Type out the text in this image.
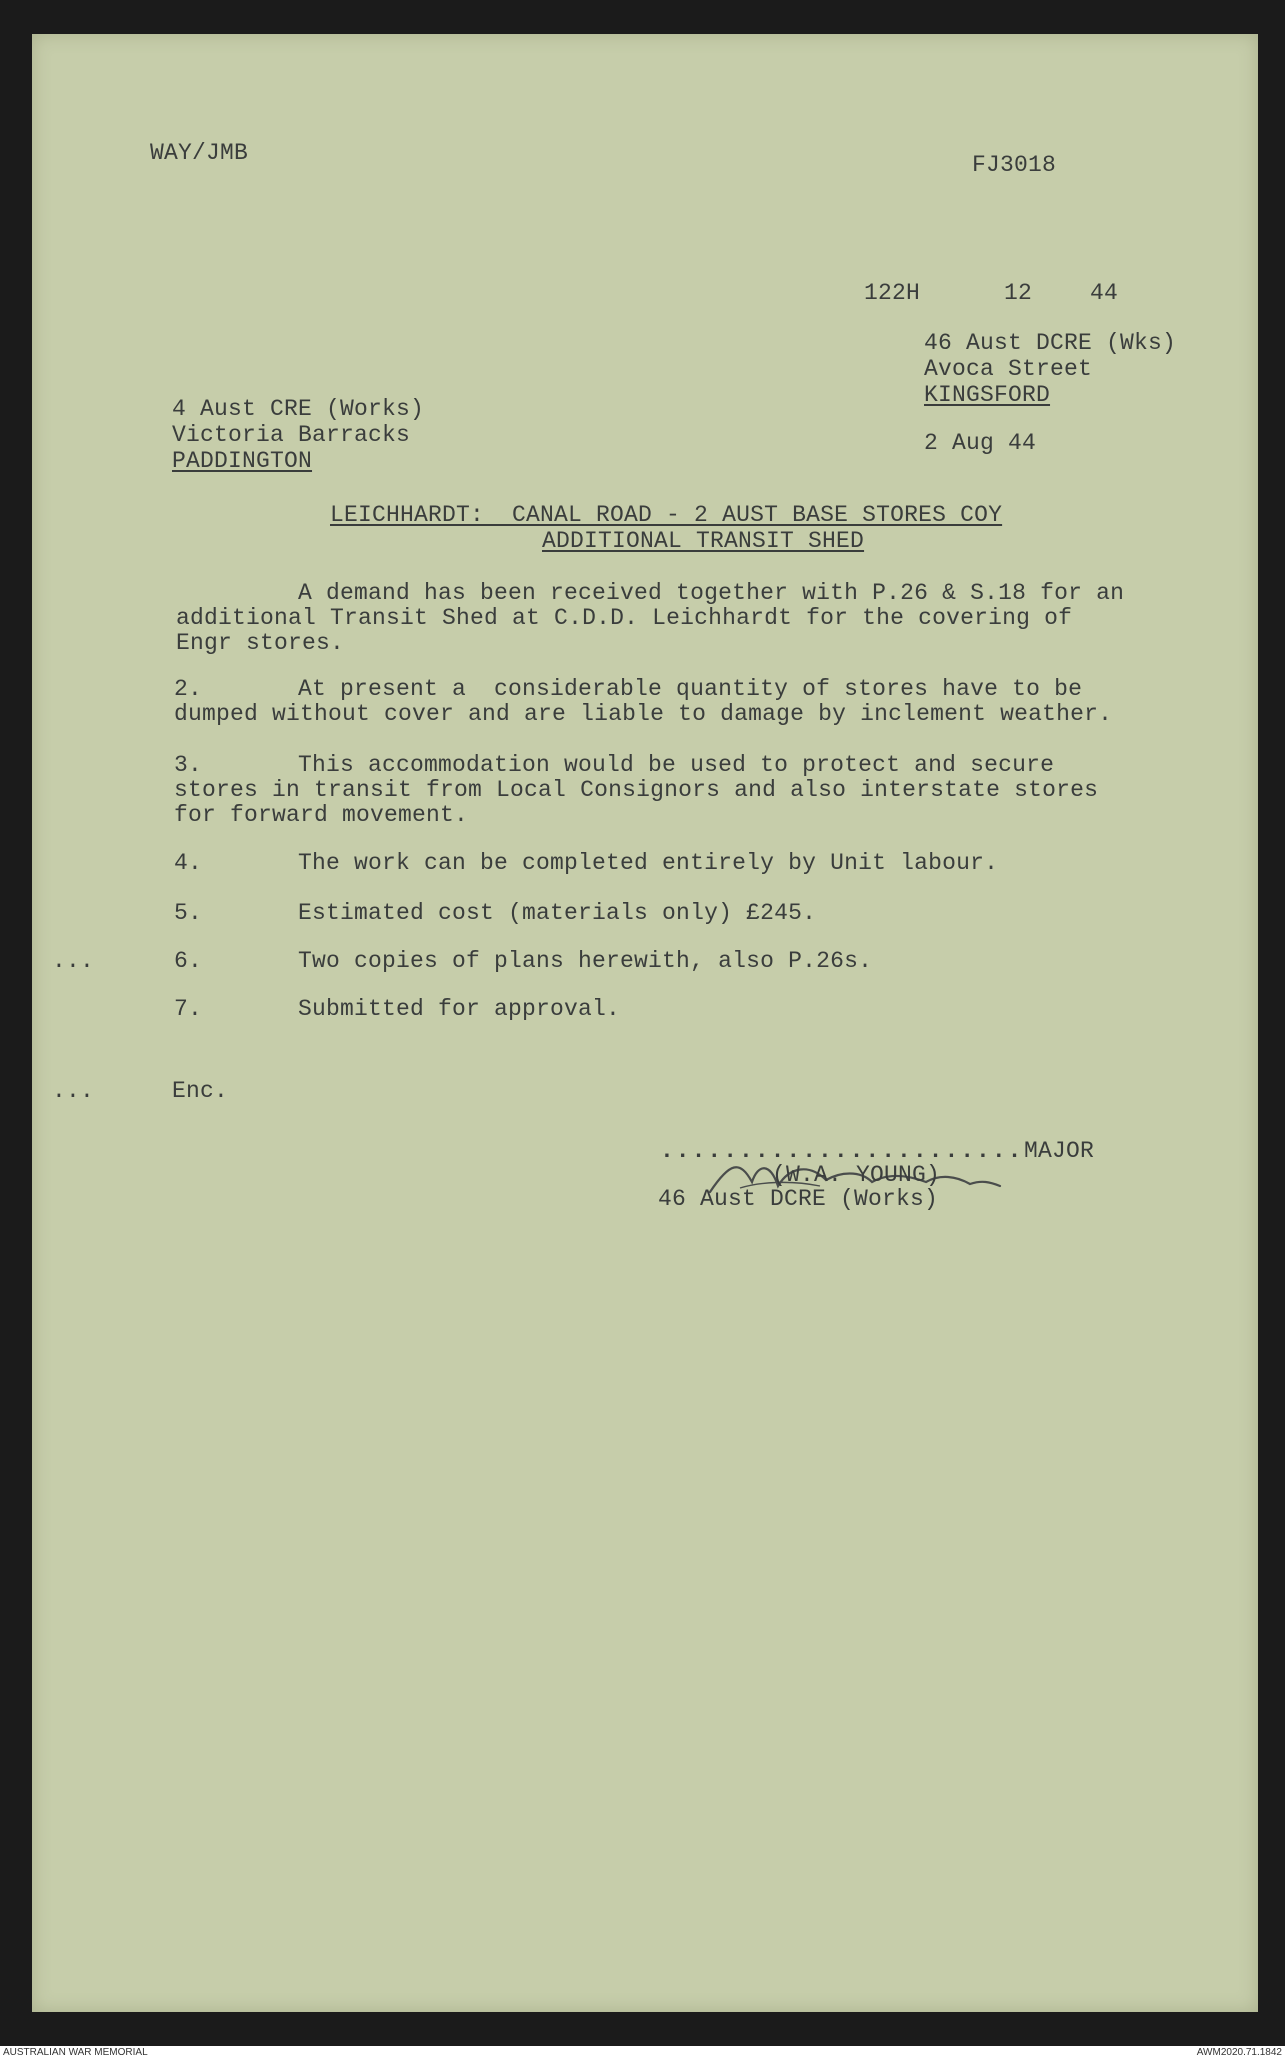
WAY/JMB	FJ3018
122H	12	44
46 Aust DCRE (Wks)
Avoca Street
KINGSFORD
4 Aust CRE (Works)
Victoria Barracks
PADDINGTON
2 Aug 44
LEICHHARDT:  CANAL ROAD - 2 AUST BASE STORES COY
ADDITIONAL TRANSIT SHED
A demand has been received together with P.26 & S.18 for an
additional Transit Shed at C.D.D. Leichhardt for the covering of
Engr stores.
2.	At present a  considerable quantity of stores have to be
dumped without cover and are liable to damage by inclement weather.
3.	This accommodation would be used to protect and secure
stores in transit from Local Consignors and also interstate stores
for forward movement.
4.	The work can be completed entirely by Unit labour.
5.	Estimated cost (materials only) £245.
...	6.	Two copies of plans herewith, also P.26s.
7.	Submitted for approval.
...	Enc.
....................... MAJOR
(W.A. YOUNG)
46 Aust DCRE (Works)
AUSTRALIAN WAR MEMORIAL	AWM2020.71.1842
